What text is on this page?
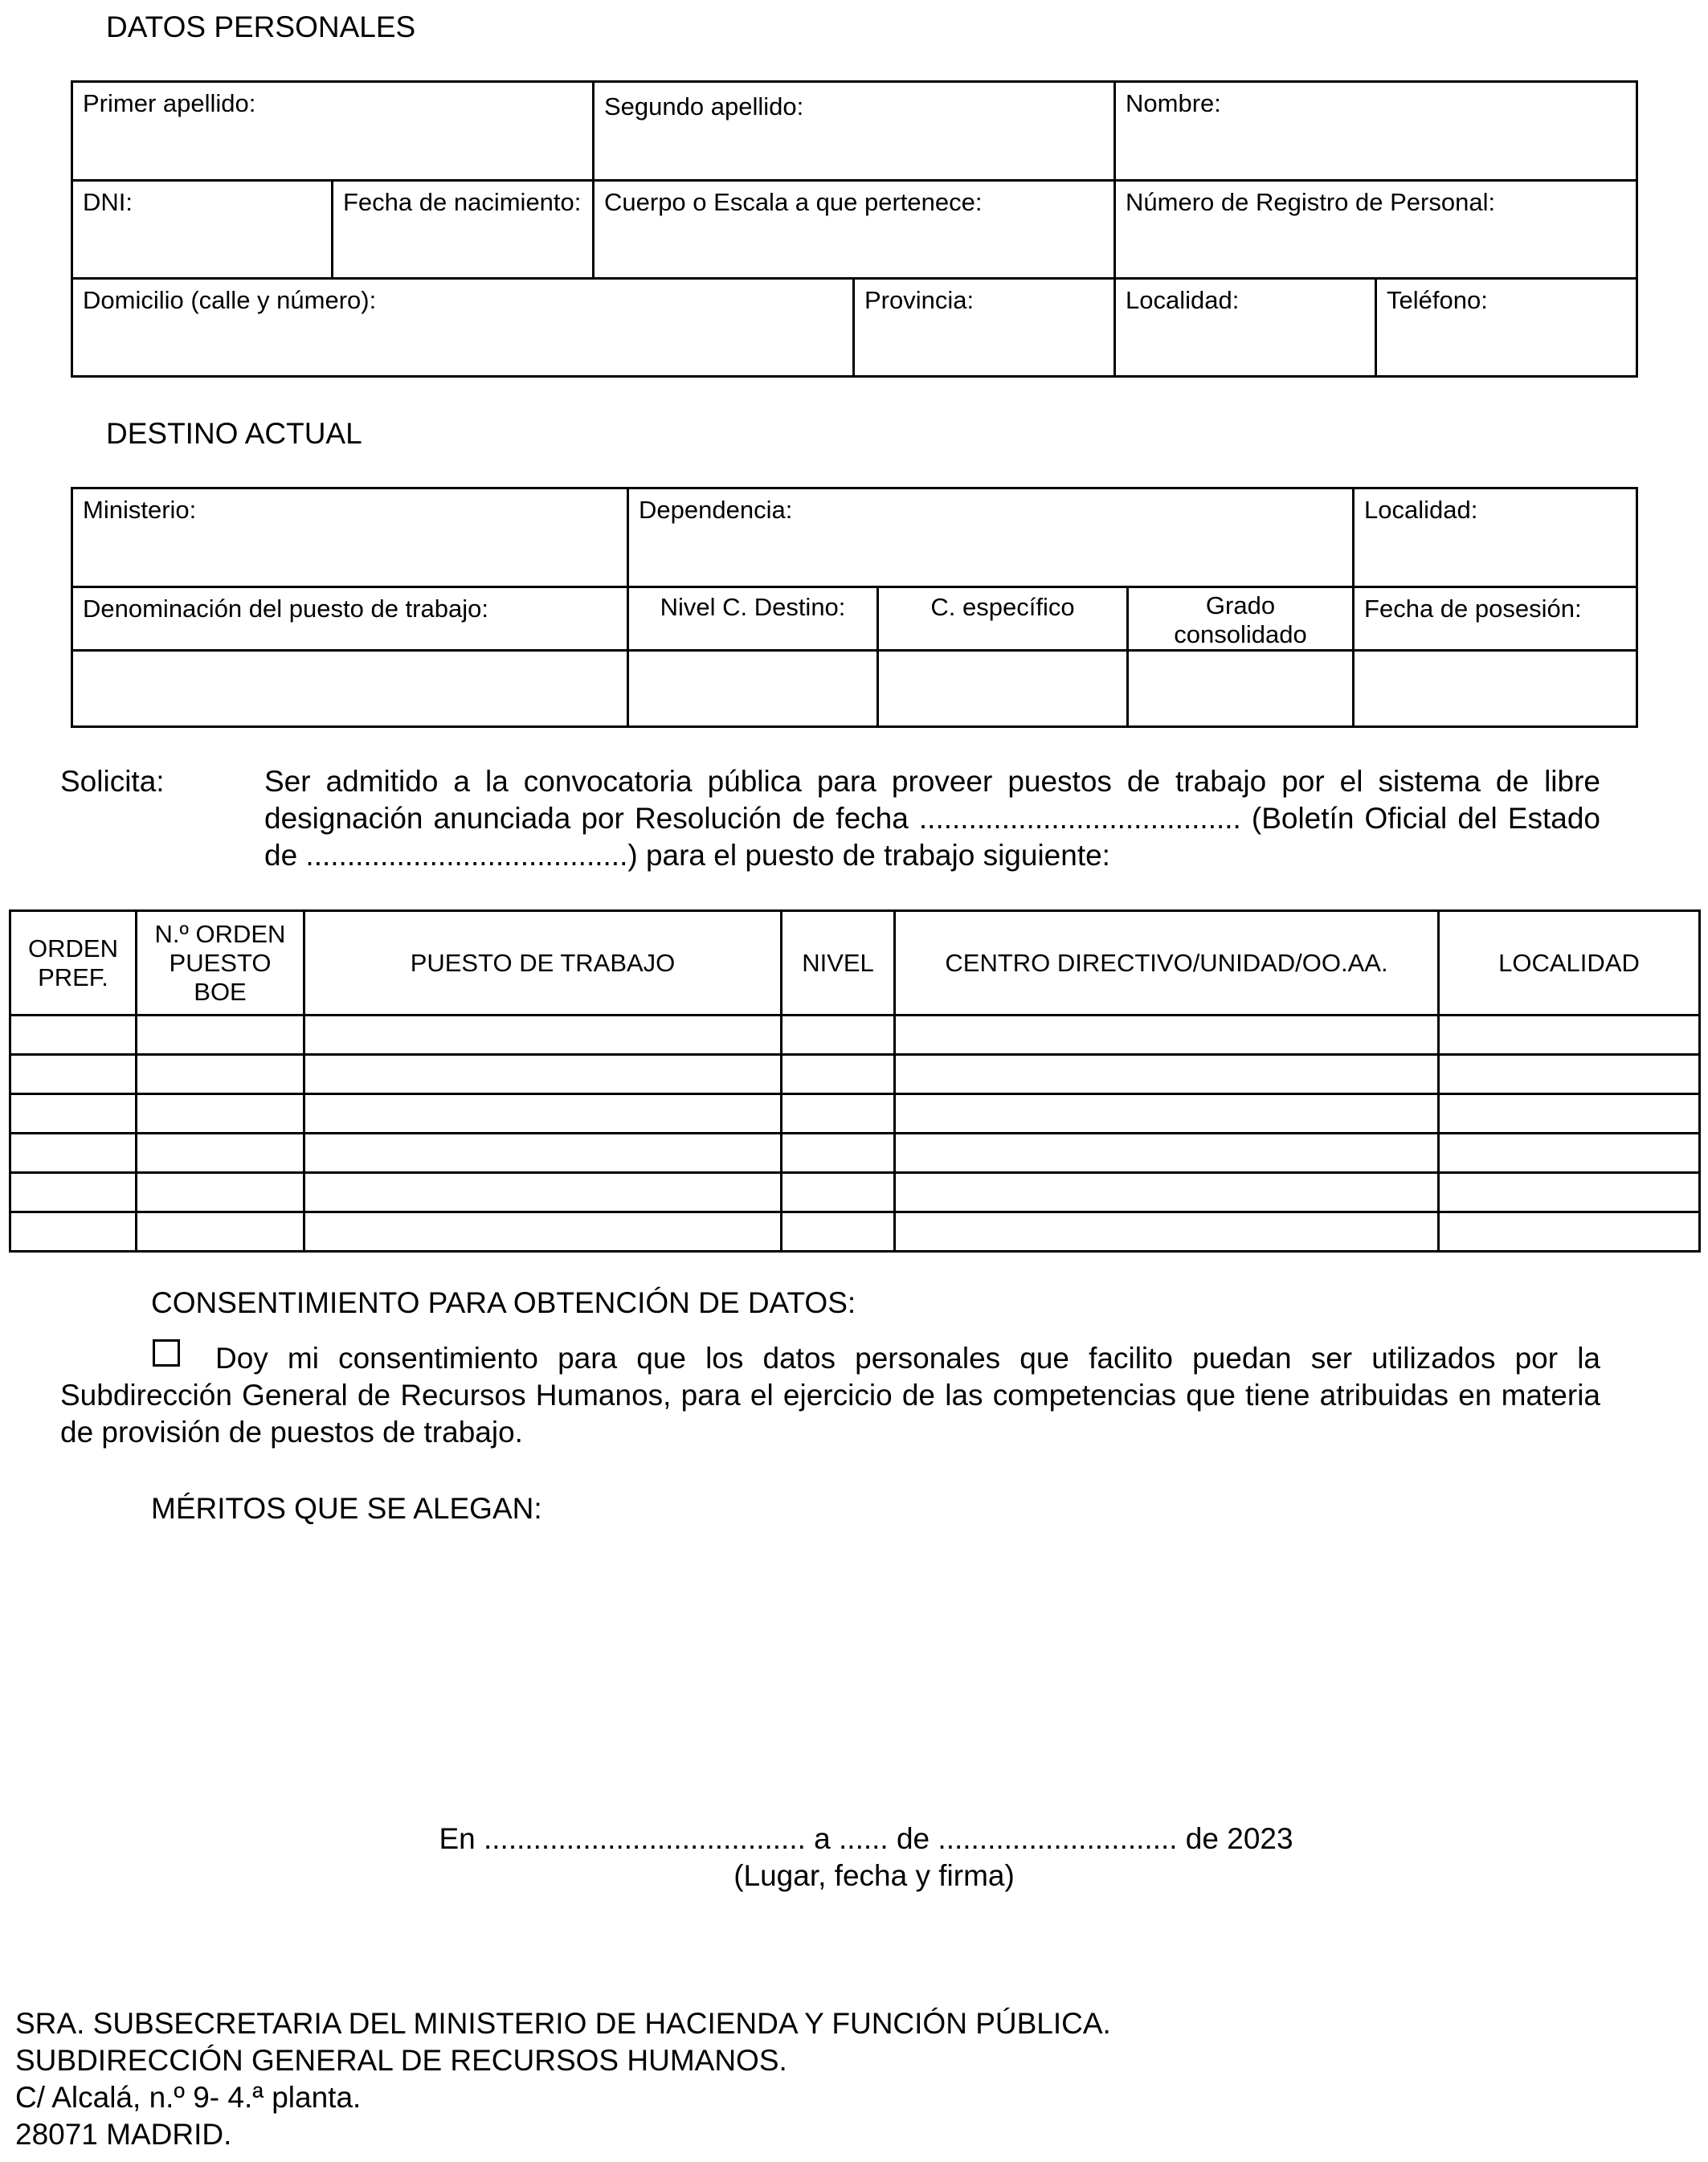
DATOS PERSONALES
Primer apellido:		Segundo apellido:		Nombre:	

DNI:	Fecha de nacimiento:	Cuerpo o Escala a que pertenece:		Número de Registro de Personal:	

Domicilio (calle y número):			Provincia:	Localidad:	Teléfono:
DESTINO ACTUAL
Ministerio:	Dependencia:			Localidad:

Denominación del puesto de trabajo:	Nivel C. Destino:	C. específico	Grado consolidado	Fecha de posesión:

Solicita:	Ser admitido a la convocatoria pública para proveer puestos de trabajo por el sistema de libre designación anunciada por Resolución de fecha ....................................... (Boletín Oficial del Estado de .......................................) para el puesto de trabajo siguiente:
ORDEN PREF.	N.º ORDEN PUESTO BOE	PUESTO DE TRABAJO	NIVEL	CENTRO DIRECTIVO/UNIDAD/OO.AA.	LOCALIDAD

CONSENTIMIENTO PARA OBTENCIÓN DE DATOS:
Doy mi consentimiento para que los datos personales que facilito puedan ser utilizados por la Subdirección General de Recursos Humanos, para el ejercicio de las competencias que tiene atribuidas en materia de provisión de puestos de trabajo.
MÉRITOS QUE SE ALEGAN:
En ....................................... a ...... de ............................. de 2023
(Lugar, fecha y firma)
SRA. SUBSECRETARIA DEL MINISTERIO DE HACIENDA Y FUNCIÓN PÚBLICA.
SUBDIRECCIÓN GENERAL DE RECURSOS HUMANOS.
C/ Alcalá, n.º 9- 4.ª planta.
28071 MADRID.
